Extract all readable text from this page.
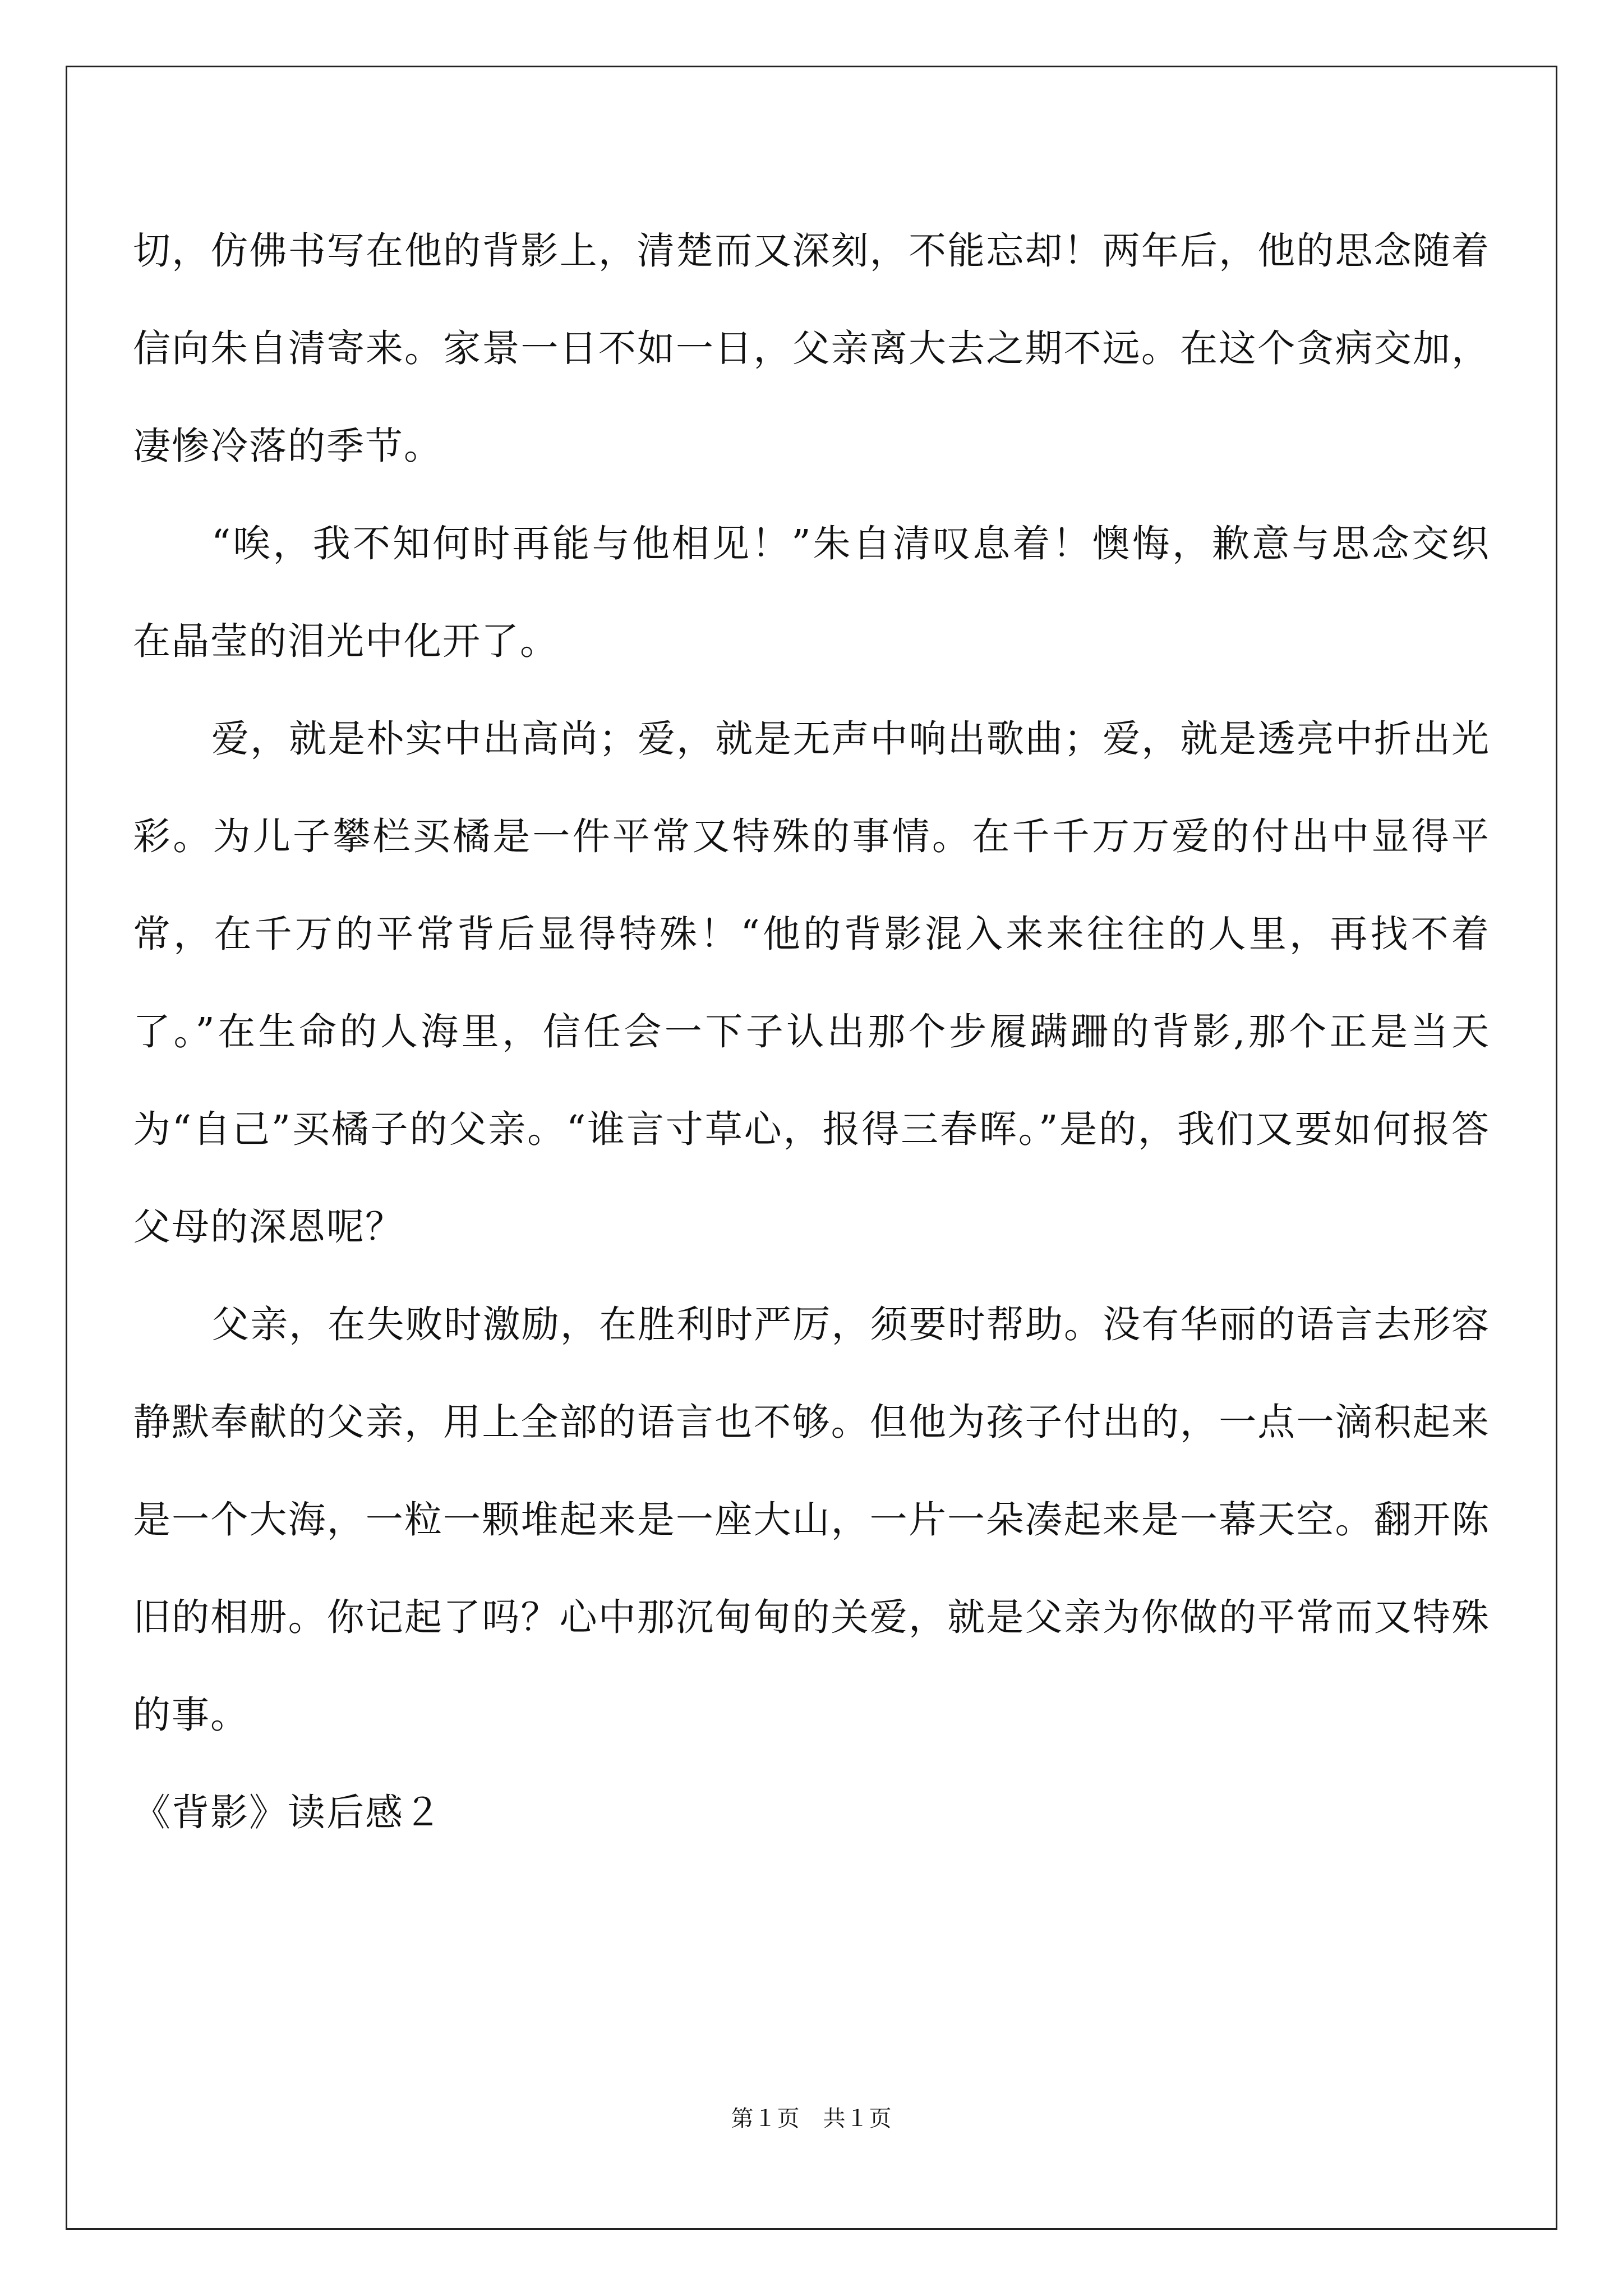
切，仿佛书写在他的背影上，清楚而又深刻，不能忘却！两年后，他的思念随着信向朱自清寄来。家景一日不如一日，父亲离大去之期不远。在这个贪病交加，凄惨冷落的季节。

“唉，我不知何时再能与他相见！”朱自清叹息着！懊悔，歉意与思念交织在晶莹的泪光中化开了。

爱，就是朴实中出高尚；爱，就是无声中响出歌曲；爱，就是透亮中折出光彩。为儿子攀栏买橘是一件平常又特殊的事情。在千千万万爱的付出中显得平常，在千万的平常背后显得特殊！“他的背影混入来来往往的人里，再找不着了。”在生命的人海里，信任会一下子认出那个步履蹒跚的背影,那个正是当天为“自己”买橘子的父亲。“谁言寸草心，报得三春晖。”是的，我们又要如何报答父母的深恩呢？

父亲，在失败时激励，在胜利时严厉，须要时帮助。没有华丽的语言去形容静默奉献的父亲，用上全部的语言也不够。但他为孩子付出的，一点一滴积起来是一个大海，一粒一颗堆起来是一座大山，一片一朵凑起来是一幕天空。翻开陈旧的相册。你记起了吗？心中那沉甸甸的关爱，就是父亲为你做的平常而又特殊的事。

《背影》读后感２

第１页　共１页
